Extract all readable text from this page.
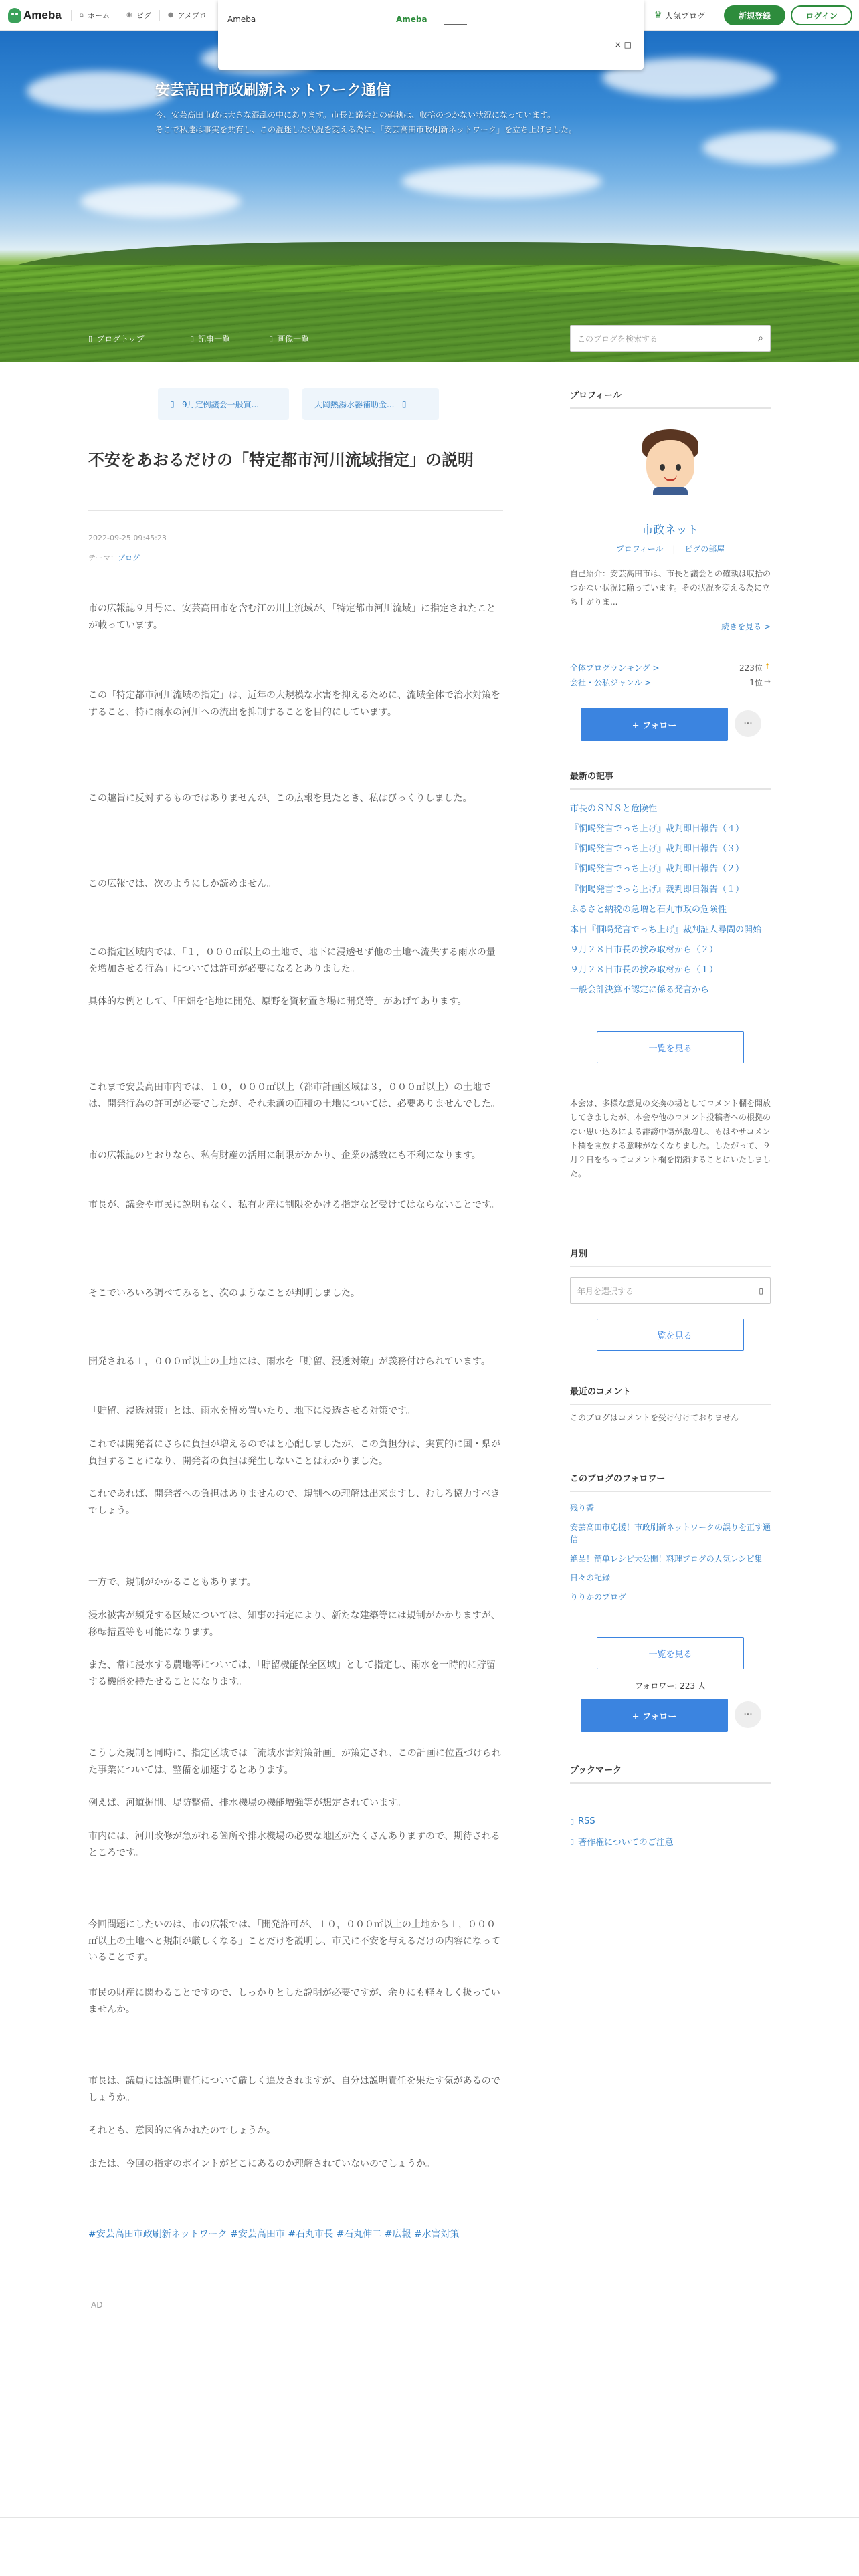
Ameba	⌂ ホーム	◉ ピグ	● アメブロ	♛ 人気ブログ	新規登録	ログイン
Ameba	Ameba
× □
安芸高田市政刷新ネットワーク通信
今、安芸高田市政は大きな混乱の中にあります。市長と議会との確執は、収拾のつかない状況になっています。
そこで私達は事実を共有し、この混迷した状況を変える為に、「安芸高田市政刷新ネットワーク」を立ち上げました。
▯ ブログトップ	▯ 記事一覧	▯ 画像一覧	このブログを検索する	⌕
▯ 9月定例議会一般質...	大岡熱湯水器補助金... ▯
不安をあおるだけの「特定都市河川流域指定」の説明
2022-09-25 09:45:23
テーマ：ブログ
市の広報誌９月号に、安芸高田市を含む江の川上流域が、「特定都市河川流域」に指定されたことが載っています。
この「特定都市河川流域の指定」は、近年の大規模な水害を抑えるために、流域全体で治水対策をすること、特に雨水の河川への流出を抑制することを目的にしています。
この趣旨に反対するものではありませんが、この広報を見たとき、私はびっくりしました。
この広報では、次のようにしか読めません。
この指定区域内では、「１，０００㎡以上の土地で、地下に浸透せず他の土地へ流失する雨水の量を増加させる行為」については許可が必要になるとありました。
具体的な例として、「田畑を宅地に開発、原野を資材置き場に開発等」があげてあります。
これまで安芸高田市内では、１０，０００㎡以上（都市計画区域は３，０００㎡以上）の土地では、開発行為の許可が必要でしたが、それ未満の面積の土地については、必要ありませんでした。
市の広報誌のとおりなら、私有財産の活用に制限がかかり、企業の誘致にも不利になります。
市長が、議会や市民に説明もなく、私有財産に制限をかける指定など受けてはならないことです。
そこでいろいろ調べてみると、次のようなことが判明しました。
開発される１，０００㎡以上の土地には、雨水を「貯留、浸透対策」が義務付けられています。
「貯留、浸透対策」とは、雨水を留め置いたり、地下に浸透させる対策です。
これでは開発者にさらに負担が増えるのではと心配しましたが、この負担分は、実質的に国・県が負担することになり、開発者の負担は発生しないことはわかりました。
これであれば、開発者への負担はありませんので、規制への理解は出来ますし、むしろ協力すべきでしょう。
一方で、規制がかかることもあります。
浸水被害が頻発する区域については、知事の指定により、新たな建築等には規制がかかりますが、移転措置等も可能になります。
また、常に浸水する農地等については、「貯留機能保全区域」として指定し、雨水を一時的に貯留する機能を持たせることになります。
こうした規制と同時に、指定区域では「流域水害対策計画」が策定され、この計画に位置づけられた事業については、整備を加速するとあります。
例えば、河道掘削、堤防整備、排水機場の機能増強等が想定されています。
市内には、河川改修が急がれる箇所や排水機場の必要な地区がたくさんありますので、期待されるところです。
今回問題にしたいのは、市の広報では、「開発許可が、１０，０００㎡以上の土地から１，０００㎡以上の土地へと規制が厳しくなる」ことだけを説明し、市民に不安を与えるだけの内容になっていることです。
市民の財産に関わることですので、しっかりとした説明が必要ですが、余りにも軽々しく扱っていませんか。
市長は、議員には説明責任について厳しく追及されますが、自分は説明責任を果たす気があるのでしょうか。
それとも、意図的に省かれたのでしょうか。
または、今回の指定のポイントがどこにあるのか理解されていないのでしょうか。
#安芸高田市政刷新ネットワーク #安芸高田市 #石丸市長 #石丸伸二 #広報 #水害対策
AD
プロフィール
市政ネット
プロフィール | ピグの部屋
自己紹介：安芸高田市は、市長と議会との確執は収拾のつかない状況に陥っています。その状況を変える為に立ち上がりま...
続きを見る >
全体ブログランキング >	223位 ↑
会社・公私ジャンル >	1位 →
+ フォロー	···
最新の記事
市長のＳＮＳと危険性
『恫喝発言でっち上げ』裁判即日報告（４）
『恫喝発言でっち上げ』裁判即日報告（３）
『恫喝発言でっち上げ』裁判即日報告（２）
『恫喝発言でっち上げ』裁判即日報告（１）
ふるさと納税の急増と石丸市政の危険性
本日『恫喝発言でっち上げ』裁判証人尋問の開始
９月２８日市長の挨み取材から（２）
９月２８日市長の挨み取材から（１）
一般会計決算不認定に係る発言から
一覧を見る
本会は、多様な意見の交換の場としてコメント欄を開放してきましたが、本会や他のコメント投稿者への根拠のない思い込みによる誹謗中傷が激増し、もはやサコメント欄を開放する意味がなくなりました。したがって、９月２日をもってコメント欄を閉鎖することにいたしました。
月別
年月を選択する	▯
一覧を見る
最近のコメント
このブログはコメントを受け付けておりません
このブログのフォロワー
残り香
安芸高田市応援！市政刷新ネットワークの誤りを正す通信
絶品！簡単レシピ大公開！料理ブログの人気レシピ集
日々の記録
りりかのブログ
一覧を見る
フォロワー: 223 人
+ フォロー	···
ブックマーク
▯ RSS
▯ 著作権についてのご注意
